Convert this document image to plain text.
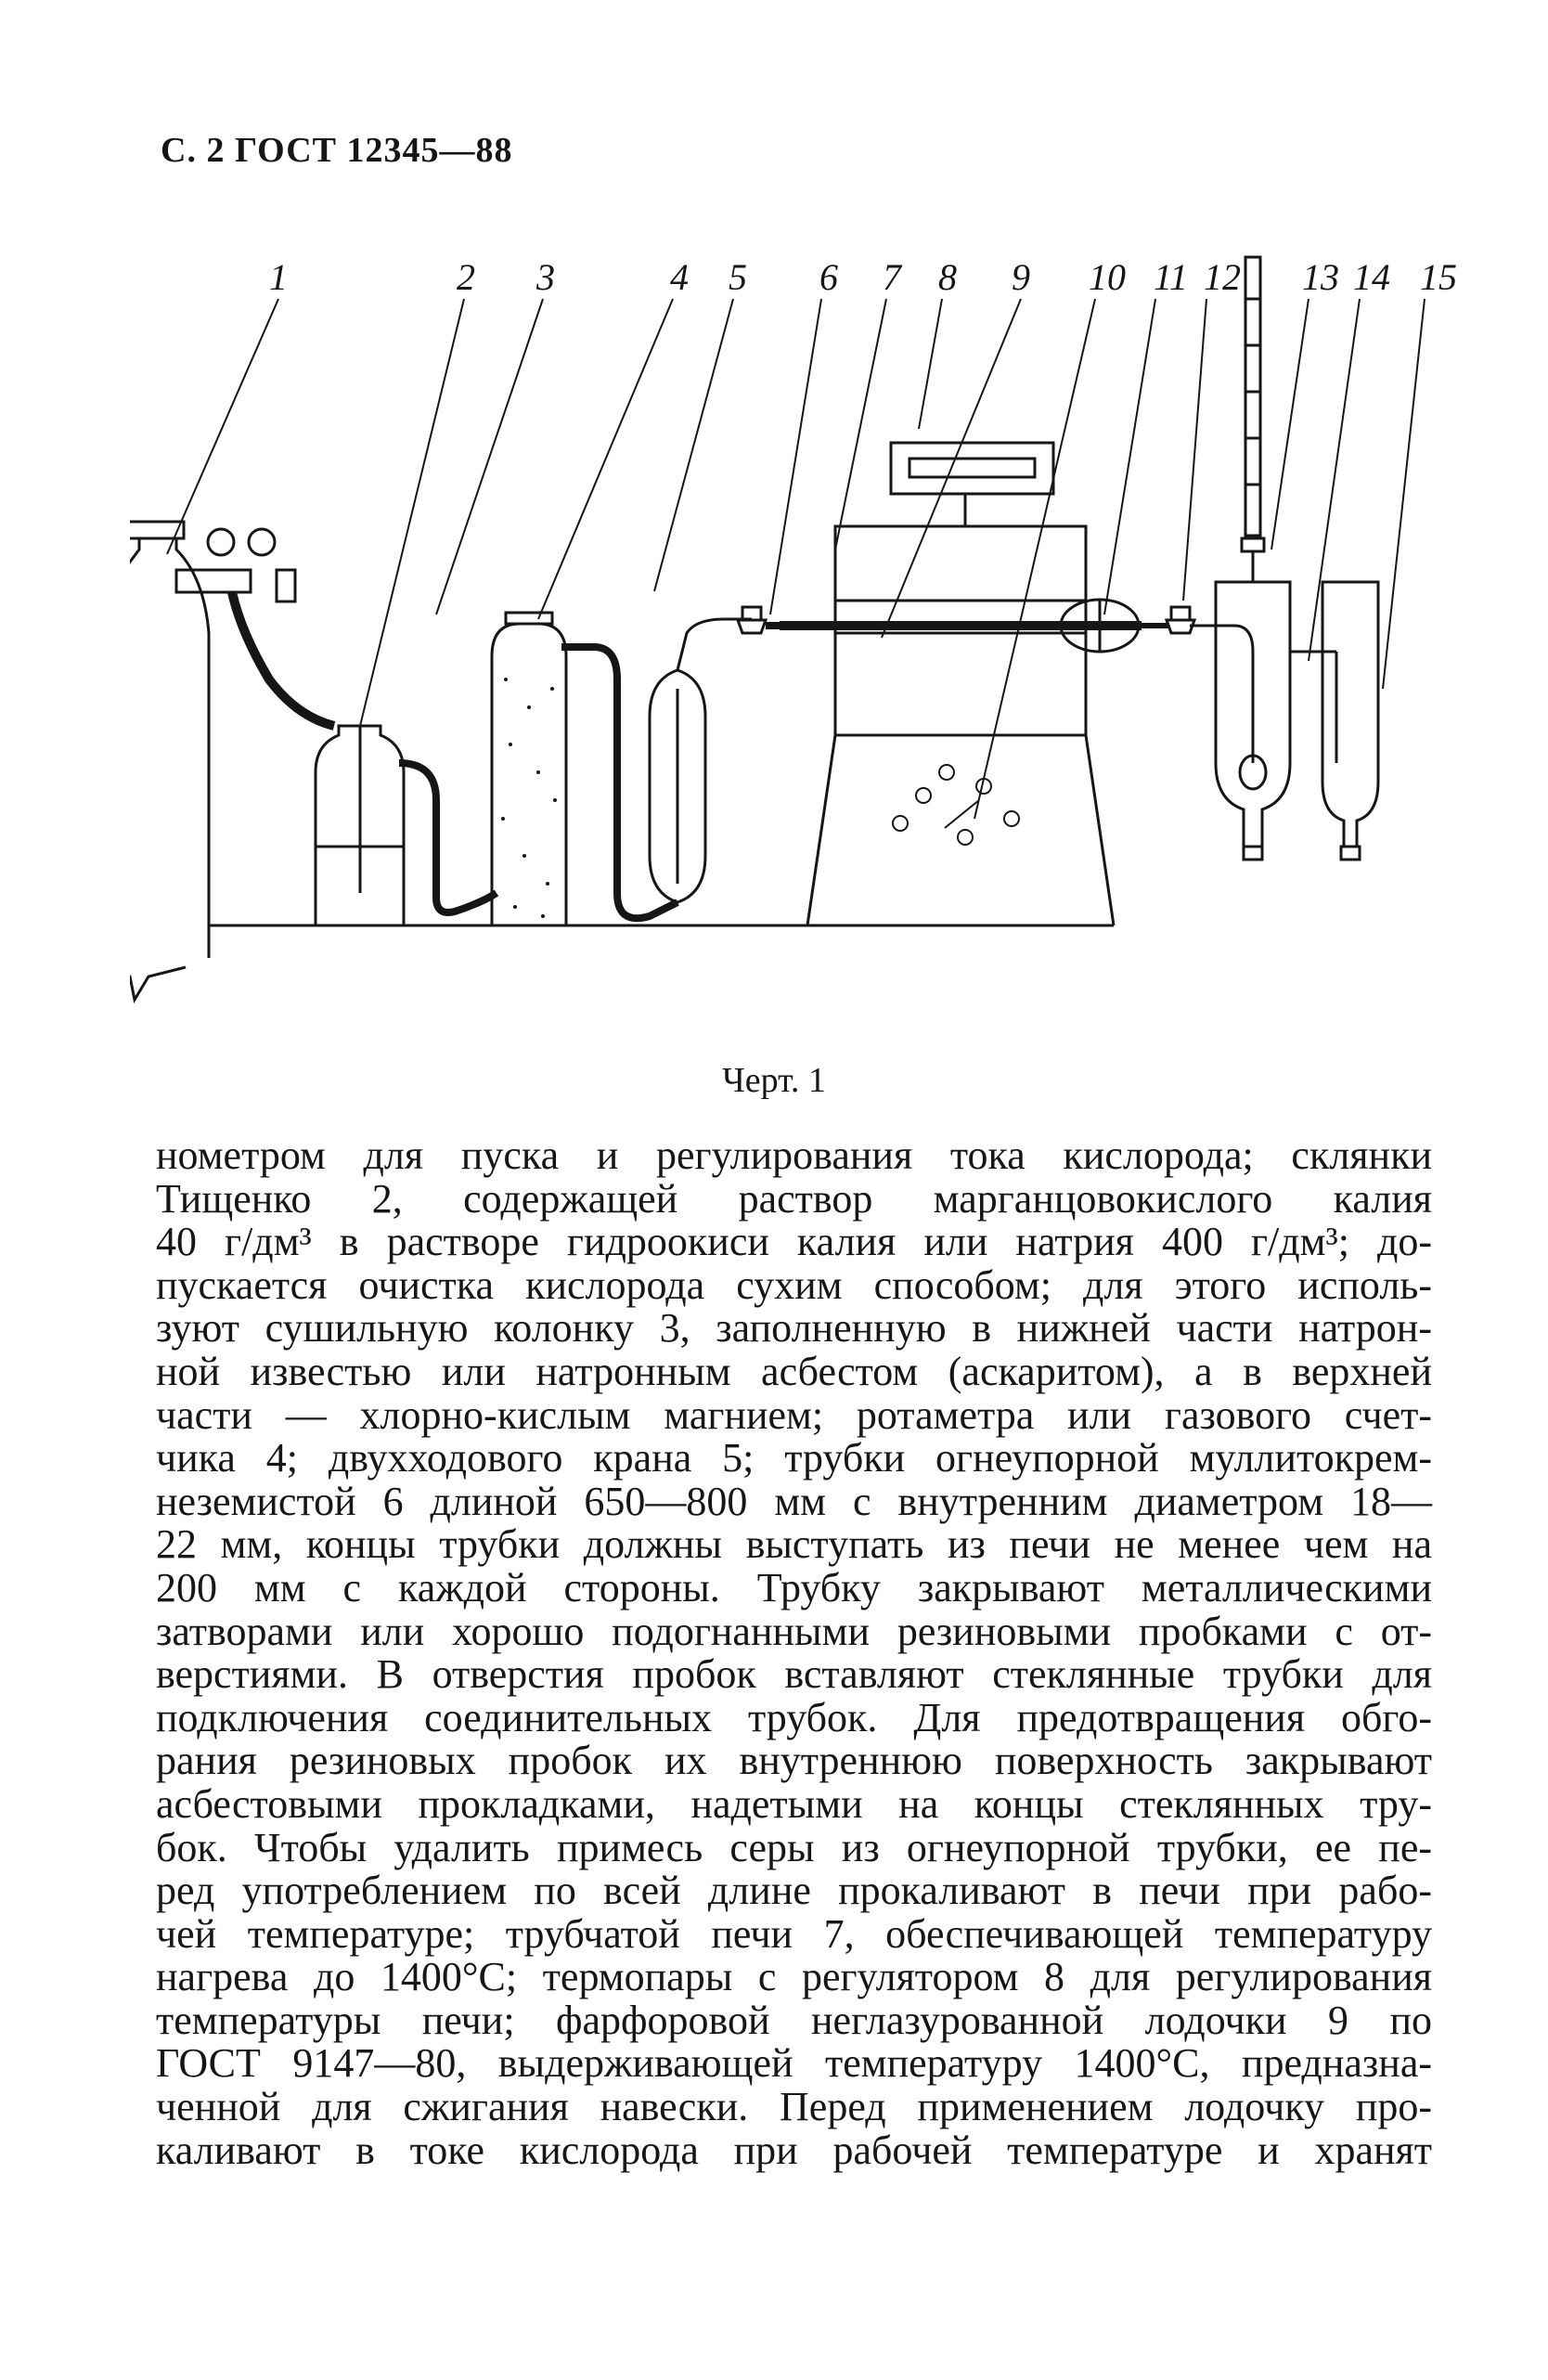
С. 2 ГОСТ 12345—88
1	2 3	4 5 6 7 8 9 10 11 12 13 14 15
Черт. 1

нометром для пуска и регулирования тока кислорода; склянки

Тищенко 2, содержащей раствор марганцовокислого калия

40 г/дм³ в растворе гидроокиси калия или натрия 400 г/дм³; до-

пускается очистка кислорода сухим способом; для этого исполь-

зуют сушильную колонку 3, заполненную в нижней части натрон-

ной известью или натронным асбестом (аскаритом), а в верхней

части — хлорно-кислым магнием; ротаметра или газового счет-

чика 4; двухходового крана 5; трубки огнеупорной муллитокрем-

неземистой 6 длиной 650—800 мм с внутренним диаметром 18—

22 мм, концы трубки должны выступать из печи не менее чем на

200 мм с каждой стороны. Трубку закрывают металлическими

затворами или хорошо подогнанными резиновыми пробками с от-

верстиями. В отверстия пробок вставляют стеклянные трубки для

подключения соединительных трубок. Для предотвращения обго-

рания резиновых пробок их внутреннюю поверхность закрывают

асбестовыми прокладками, надетыми на концы стеклянных тру-

бок. Чтобы удалить примесь серы из огнеупорной трубки, ее пе-

ред употреблением по всей длине прокаливают в печи при рабо-

чей температуре; трубчатой печи 7, обеспечивающей температуру

нагрева до 1400°С; термопары с регулятором 8 для регулирования

температуры печи; фарфоровой неглазурованной лодочки 9 по

ГОСТ 9147—80, выдерживающей температуру 1400°С, предназна-

ченной для сжигания навески. Перед применением лодочку про-

каливают в токе кислорода при рабочей температуре и хранят
